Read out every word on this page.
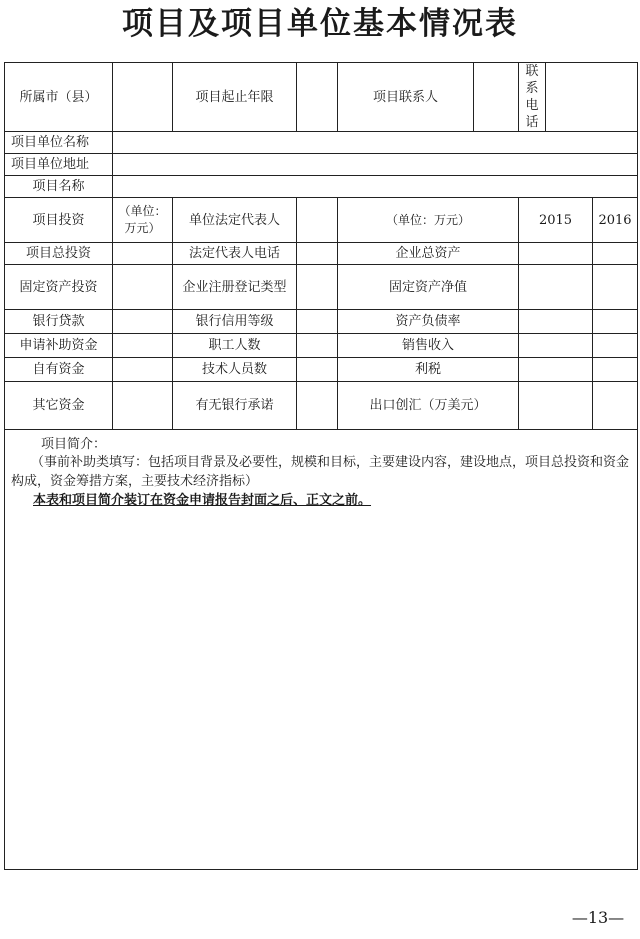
项目及项目单位基本情况表
所属市（县）		项目起止年限		项目联系人		联系电话		
项目单位名称								
项目单位地址								
项目名称								
项目投资	（单位：万元）	单位法定代表人		（单位：万元）		2015		2016
项目总投资		法定代表人电话		企业总资产				
固定资产投资		企业注册登记类型		固定资产净值				
银行贷款		银行信用等级		资产负债率				
申请补助资金		职工人数		销售收入				
自有资金		技术人员数		利税				
其它资金		有无银行承诺		出口创汇（万美元）				

项目简介：
（事前补助类填写：包括项目背景及必要性，规模和目标，主要建设内容，建设地点，项目总投资和资金构成，资金筹措方案，主要技术经济指标）
本表和项目简介装订在资金申请报告封面之后、正文之前。								
—13—
